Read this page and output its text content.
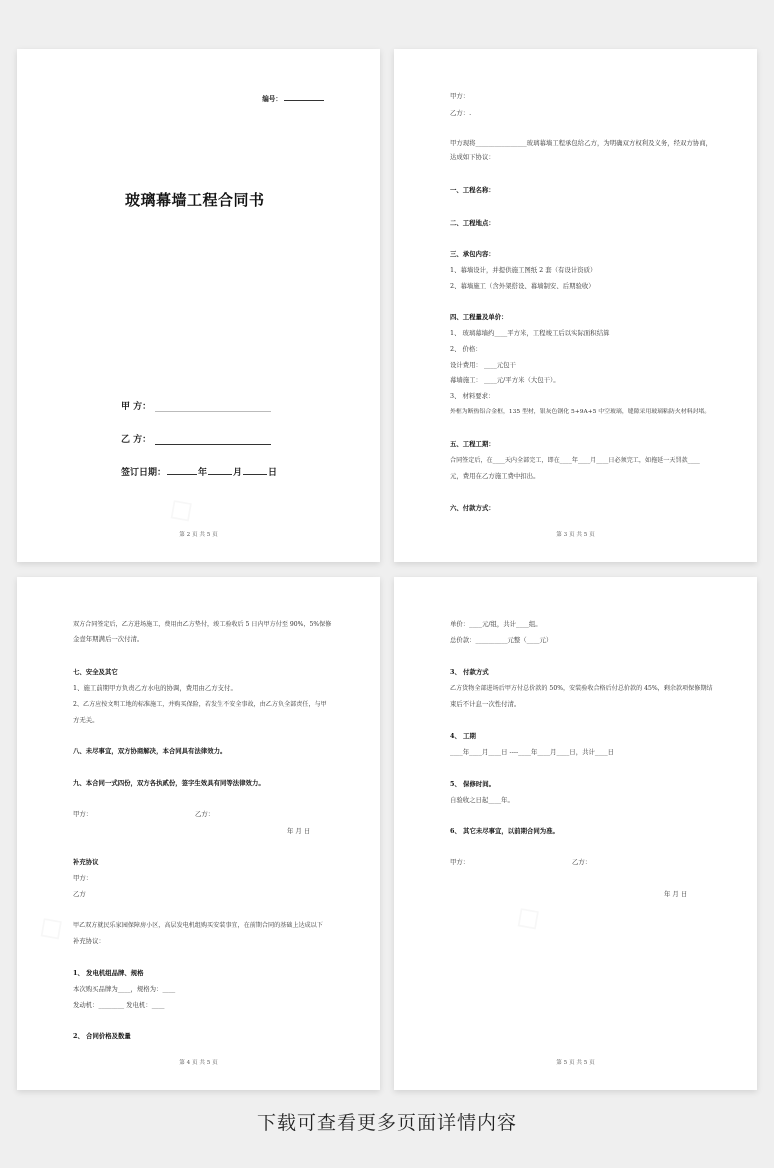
编号：
玻璃幕墙工程合同书
甲 方：
乙 方：
签订日期：	年	月	日
第 2 页 共 5 页
甲方：
乙方：.
甲方现将________________玻璃幕墙工程承包给乙方，为明确双方权利及义务，经双方协商，
达成如下协议：
一、工程名称：
二、工程地点：
三、承包内容：
1、幕墙设计，并提供施工图纸 2 套（有设计资质）
2、幕墙施工（含外架搭设、幕墙制安、后期验收）
四、工程量及单价：
1、 玻璃幕墙约____平方米，工程竣工后以实际面积结算
2、 价格：
设计费用： ____元包干
幕墙施工： ____元/平方米（大包干）。
3、 材料要求：
外框为断热铝合金框，135 型材，银灰色钢化 5+9A+5 中空玻璃，缝隙采用玻璃粘防火材料封堵。
五、工程工期：
合同签定后，在____天内全部完工，即在____年____月____日必须完工，如拖延一天罚款____
元，费用在乙方施工费中扣出。
六、付款方式：
第 3 页 共 5 页
双方合同签定后，乙方进场施工，费用由乙方垫付，竣工验收后 5 日内甲方付至 90%，5%保修
金壹年期满后一次付清。
七、安全及其它
1、施工前期甲方负责乙方水电的协调，费用由乙方支付。
2、乙方应按文明工地的标准施工，并购买保险，若发生不安全事故，由乙方负全部责任，与甲
方无关。
八、未尽事宜，双方协商解决，本合同具有法律效力。
九、本合同一式四份，双方各执贰份，签字生效具有同等法律效力。
甲方：	乙方：
年 月 日
补充协议
甲方：
乙方
甲乙双方就民乐家园保障房小区，高层发电机组购买安装事宜，在前期合同的基础上达成以下
补充协议：
1、 发电机组品牌、规格
本次购买品牌为____，规格为：____
发动机：________ 发电机：____
2、 合同价格及数量
第 4 页 共 5 页
单价：____元/组，共计____组。
总价款：__________元整（____元）
3、 付款方式
乙方货物全部进场后甲方付总价款的 50%，安装验收合格后付总价款的 45%，剩余款项保修期结
束后不计息一次性付清。
4、 工期
____年____月____日 ----____年____月____日，共计____日
5、 保修时间。
自验收之日起____年。
6、 其它未尽事宜，以前期合同为准。
甲方：	乙方：
年 月 日
第 5 页 共 5 页
下载可查看更多页面详情内容
